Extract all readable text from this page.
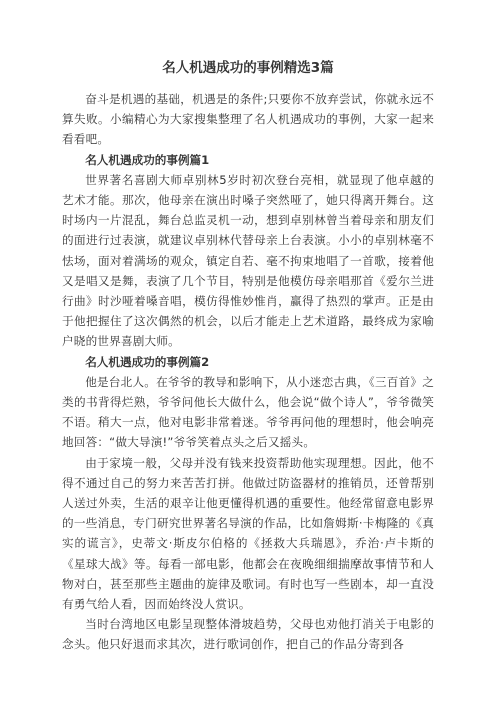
名人机遇成功的事例精选3篇

奋斗是机遇的基础，机遇是的条件;只要你不放弃尝试，你就永远不算失败。小编精心为大家搜集整理了名人机遇成功的事例，大家一起来看看吧。

名人机遇成功的事例篇1

世界著名喜剧大师卓别林5岁时初次登台亮相，就显现了他卓越的艺术才能。那次，他母亲在演出时嗓子突然哑了，她只得离开舞台。这时场内一片混乱，舞台总监灵机一动，想到卓别林曾当着母亲和朋友们的面进行过表演，就建议卓别林代替母亲上台表演。小小的卓别林毫不怯场，面对着满场的观众，镇定自若、毫不拘束地唱了一首歌，接着他又是唱又是舞，表演了几个节目，特别是他模仿母亲唱那首《爱尔兰进行曲》时沙哑着嗓音唱，模仿得惟妙惟肖，赢得了热烈的掌声。正是由于他把握住了这次偶然的机会，以后才能走上艺术道路，最终成为家喻户晓的世界喜剧大师。

名人机遇成功的事例篇2

他是台北人。在爷爷的教导和影响下，从小迷恋古典，《三百首》之类的书背得烂熟，爷爷问他长大做什么，他会说“做个诗人”，爷爷微笑不语。稍大一点，他对电影非常着迷。爷爷再问他的理想时，他会响亮地回答：“做大导演!”爷爷笑着点头之后又摇头。

由于家境一般，父母并没有钱来投资帮助他实现理想。因此，他不得不通过自己的努力来苦苦打拼。他做过防盗器材的推销员，还曾帮别人送过外卖，生活的艰辛让他更懂得机遇的重要性。他经常留意电影界的一些消息，专门研究世界著名导演的作品，比如詹姆斯·卡梅隆的《真实的谎言》，史蒂文·斯皮尔伯格的《拯救大兵瑞恩》，乔治·卢卡斯的《星球大战》等。每看一部电影，他都会在夜晚细细揣摩故事情节和人物对白，甚至那些主题曲的旋律及歌词。有时也写一些剧本，却一直没有勇气给人看，因而始终没人赏识。

当时台湾地区电影呈现整体滑坡趋势，父母也劝他打消关于电影的念头。他只好退而求其次，进行歌词创作，把自己的作品分寄到各
